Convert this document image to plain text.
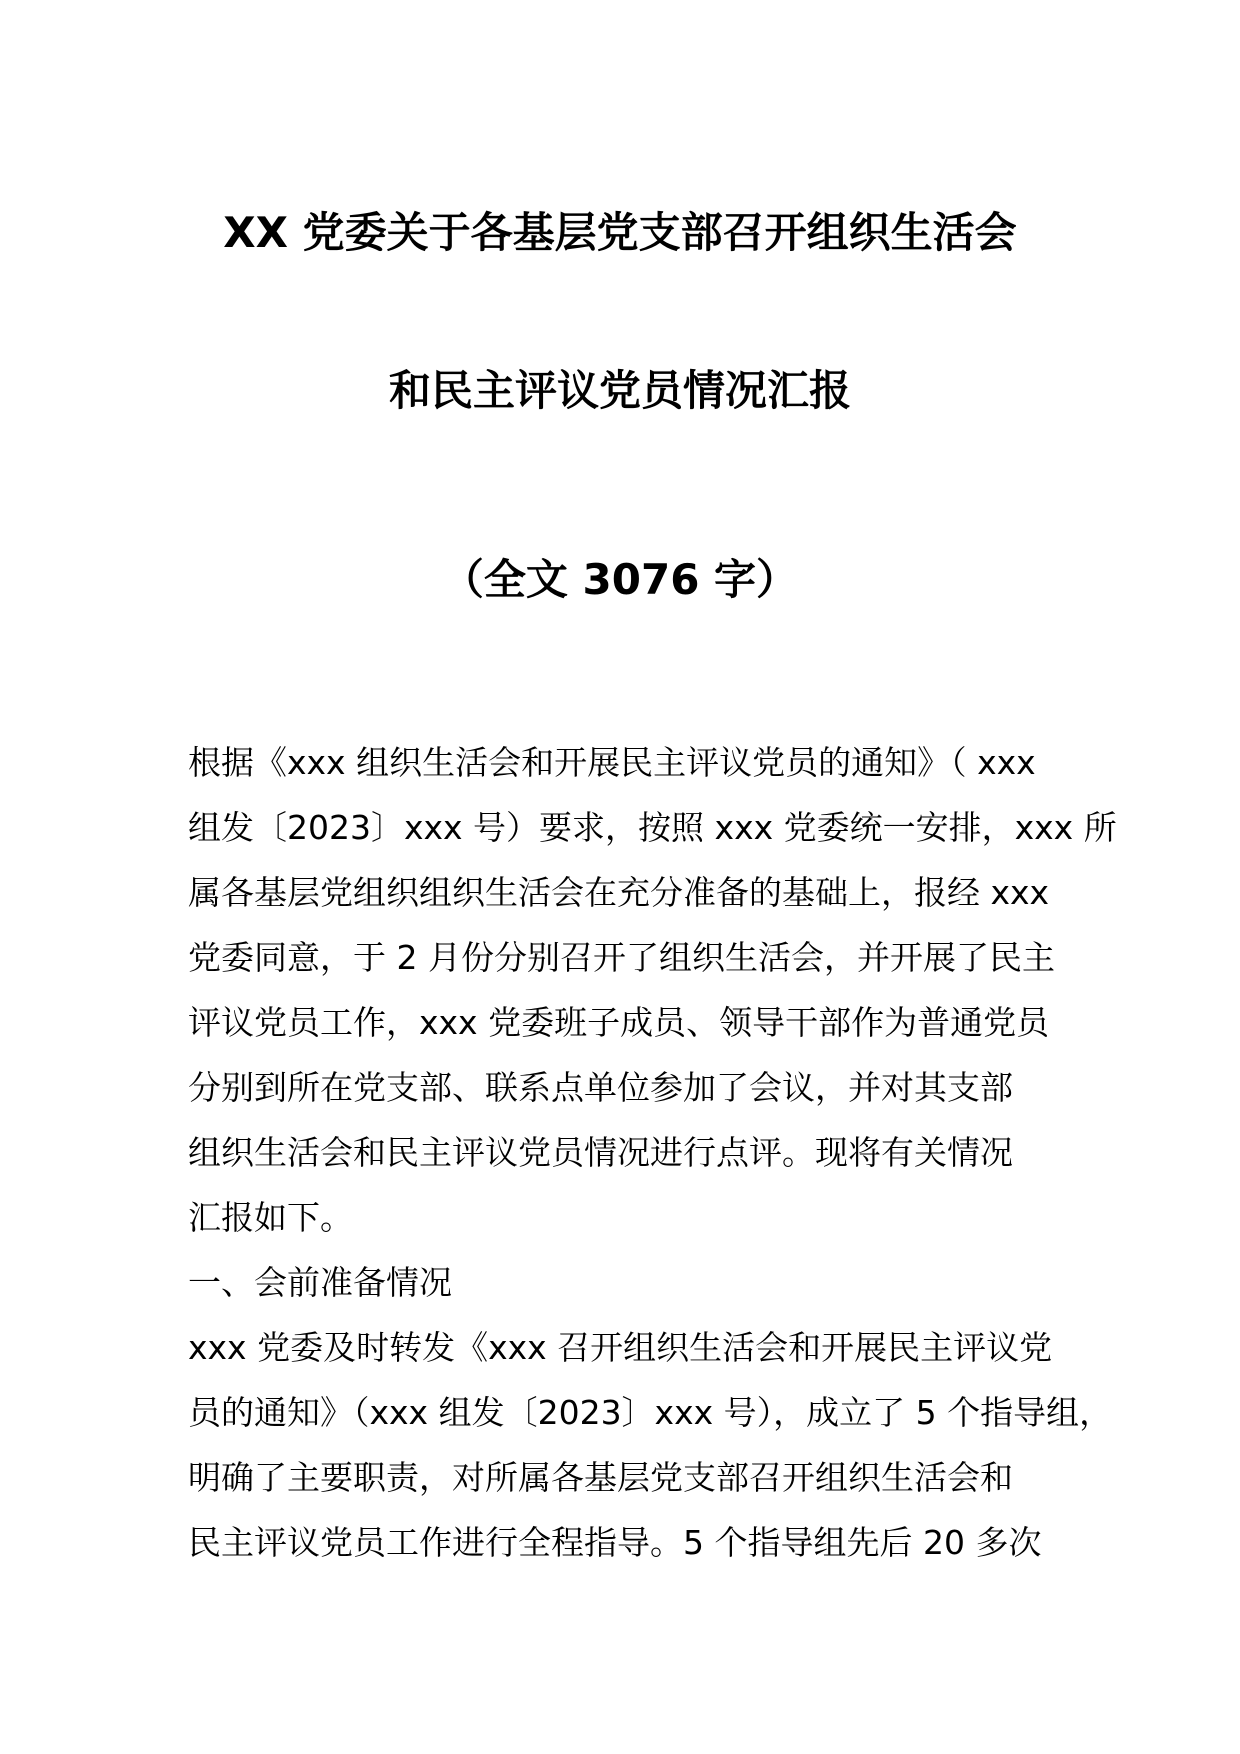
XX 党委关于各基层党支部召开组织生活会
和民主评议党员情况汇报
（全文 3076 字）
根据《xxx 组织生活会和开展民主评议党员的通知》（ xxx
组发〔2023〕xxx 号）要求，按照 xxx 党委统一安排，xxx 所
属各基层党组织组织生活会在充分准备的基础上，报经 xxx
党委同意，于 2 月份分别召开了组织生活会，并开展了民主
评议党员工作，xxx 党委班子成员、领导干部作为普通党员
分别到所在党支部、联系点单位参加了会议，并对其支部
组织生活会和民主评议党员情况进行点评。现将有关情况
汇报如下。
一、会前准备情况
xxx 党委及时转发《xxx 召开组织生活会和开展民主评议党
员的通知》（xxx 组发〔2023〕xxx 号），成立了 5 个指导组，
明确了主要职责，对所属各基层党支部召开组织生活会和
民主评议党员工作进行全程指导。5 个指导组先后 20 多次
